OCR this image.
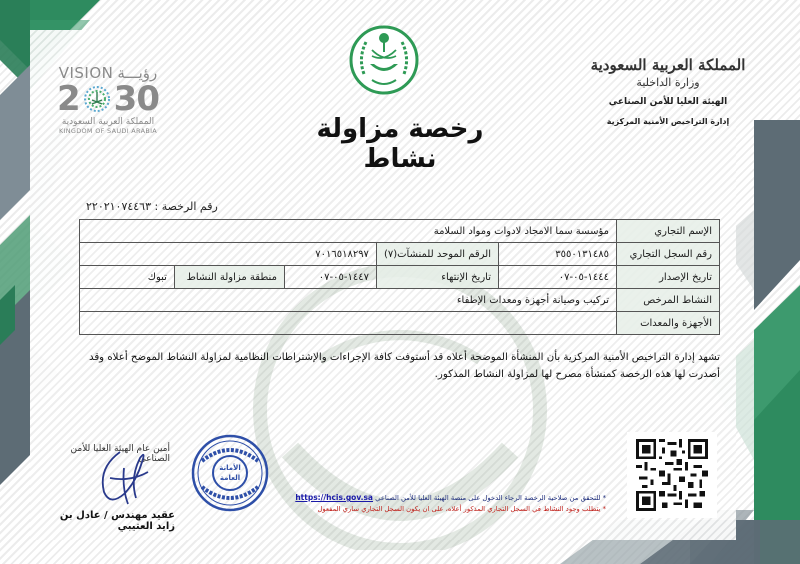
المملكة العربية السعودية
وزارة الداخلية
الهيئة العليا للأمن الصناعي
إدارة التراخيص الأمنية المركزية
VISION رؤيـــة
2 30
المملكة العربية السعودية
KINGDOM OF SAUDI ARABIA	رخصة مزاولة نشاط
رقم الرخصة : ٢٢٠٢١٠٧٤٤٦٣
الإسم التجاري	مؤسسة سما الامجاد لادوات ومواد السلامة				
رقم السجل التجاري	٣٥٥٠١٣١٤٨٥	الرقم الموحد للمنشآت(٧)	٧٠١٦٥١٨٢٩٧		
تاريخ الإصدار	١٤٤٤-٠٥-٠٧	تاريخ الإنتهاء	١٤٤٧-٠٥-٠٧	منطقة مزاولة النشاط	تبوك
النشاط المرخص	تركيب وصيانة أجهزة ومعدات الإطفاء				
الأجهزة والمعدات					
تشهد إدارة التراخيص الأمنية المركزية بأن المنشأة الموضحة أعلاه قد أستوفت كافة الإجراءات والإشتراطات النظامية لمزاولة النشاط الموضح أعلاه وقد أصدرت لها هذه الرخصة كمنشأة مصرح لها لمزاولة النشاط المذكور.
أمين عام الهيئة العليا للأمن الصناعي
عقيد مهندس / عادل بن زايد العتيبي
الأمانة
العامة
* للتحقق من صلاحية الرخصة الرجاء الدخول على منصة الهيئة العليا للأمن الصناعي https://hcis.gov.sa
* يتطلب وجود النشاط في السجل التجاري المذكور أعلاه، على ان يكون السجل التجاري ساري المفعول
